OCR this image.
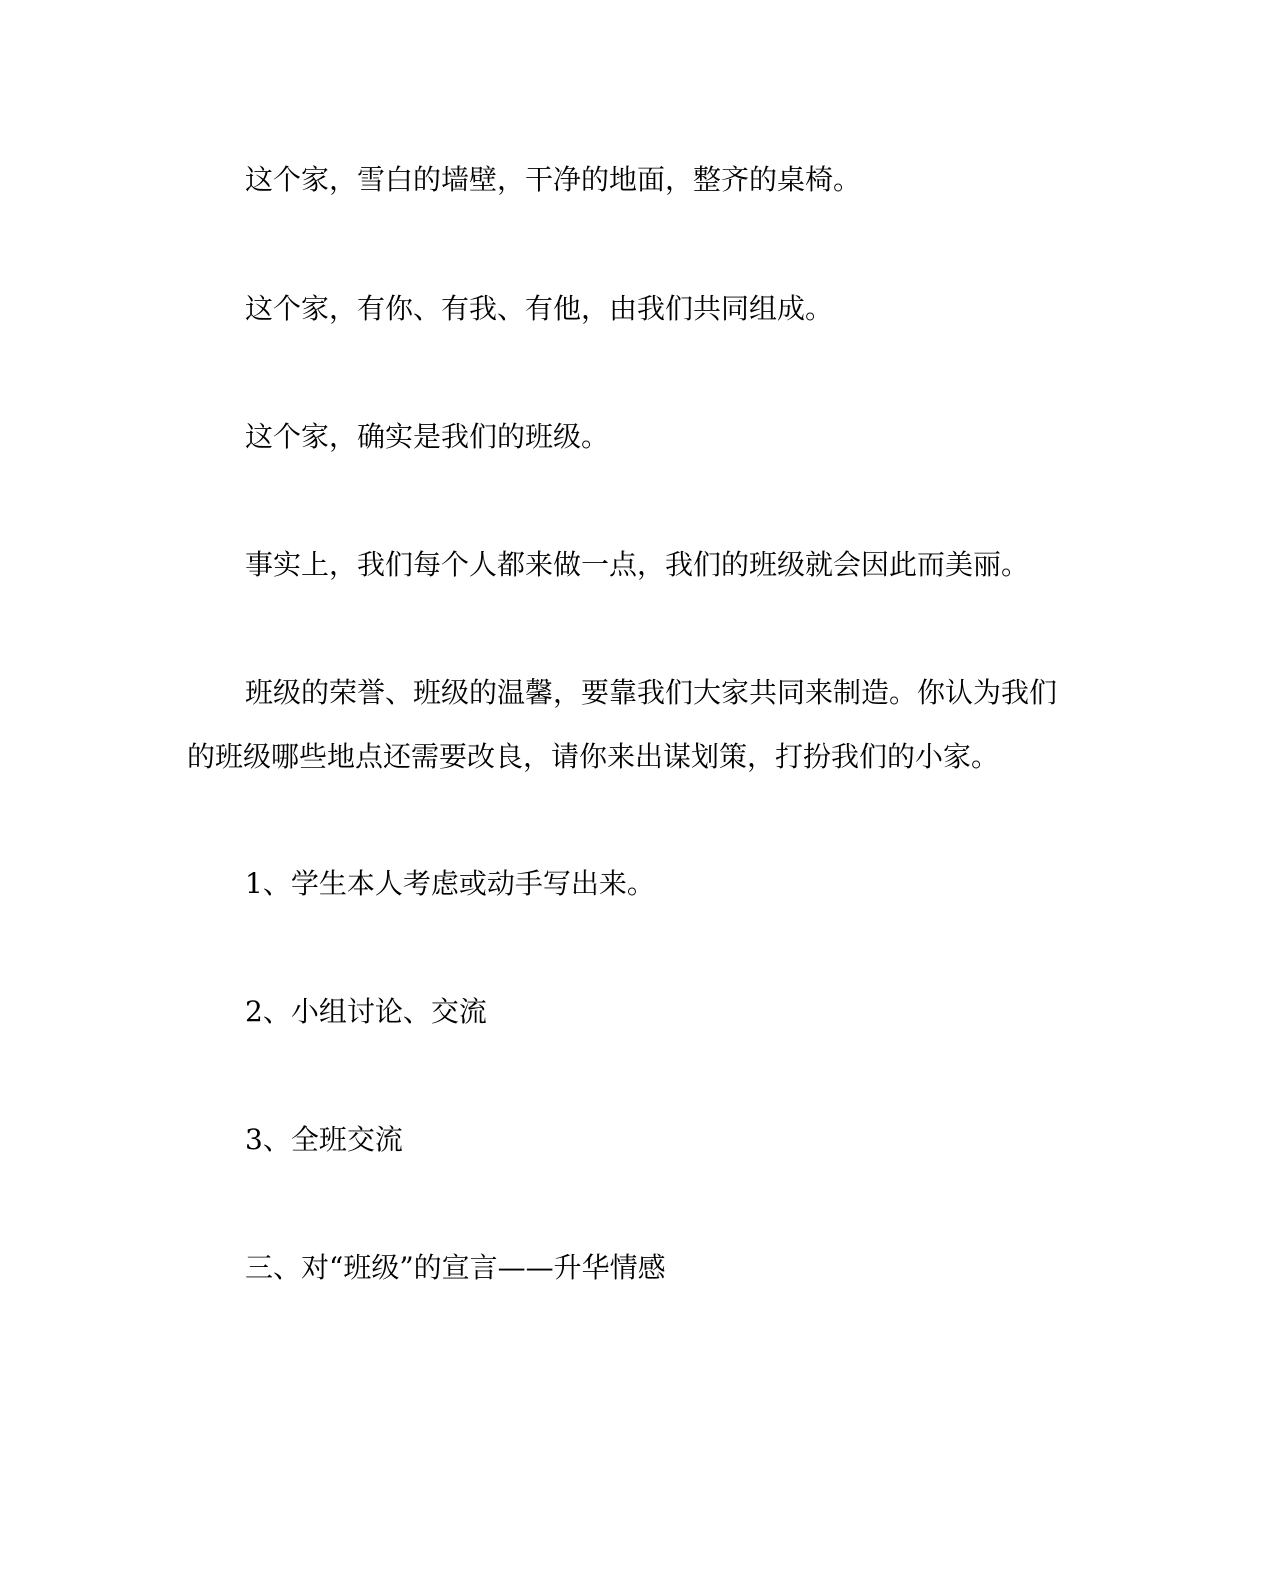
这个家，雪白的墙壁，干净的地面，整齐的桌椅。

这个家，有你、有我、有他，由我们共同组成。

这个家，确实是我们的班级。

事实上，我们每个人都来做一点，我们的班级就会因此而美丽。

班级的荣誉、班级的温馨，要靠我们大家共同来制造。你认为我们的班级哪些地点还需要改良，请你来出谋划策，打扮我们的小家。

1、学生本人考虑或动手写出来。

2、小组讨论、交流

3、全班交流

三、对“班级”的宣言——升华情感
